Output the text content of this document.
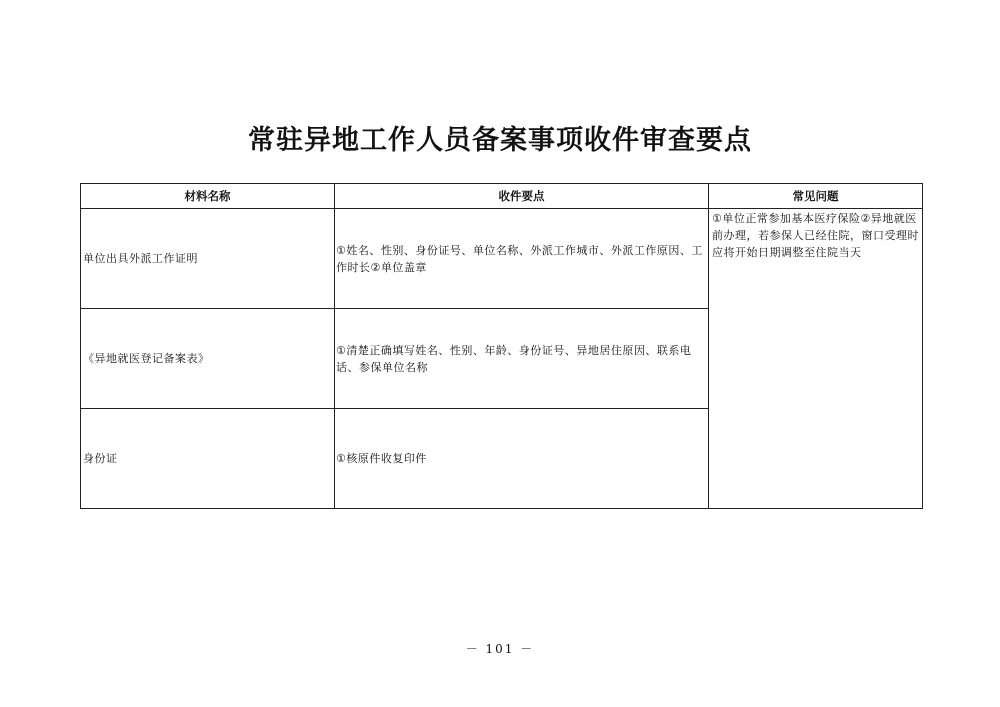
常驻异地工作人员备案事项收件审查要点
材料名称	收件要点	常见问题
单位出具外派工作证明	①姓名、性别、身份证号、单位名称、外派工作城市、外派工作原因、工作时长②单位盖章	①单位正常参加基本医疗保险②异地就医前办理，若参保人已经住院，窗口受理时应将开始日期调整至住院当天
《异地就医登记备案表》	①清楚正确填写姓名、性别、年龄、身份证号、异地居住原因、联系电话、参保单位名称	
身份证	①核原件收复印件	
－ 101 －
